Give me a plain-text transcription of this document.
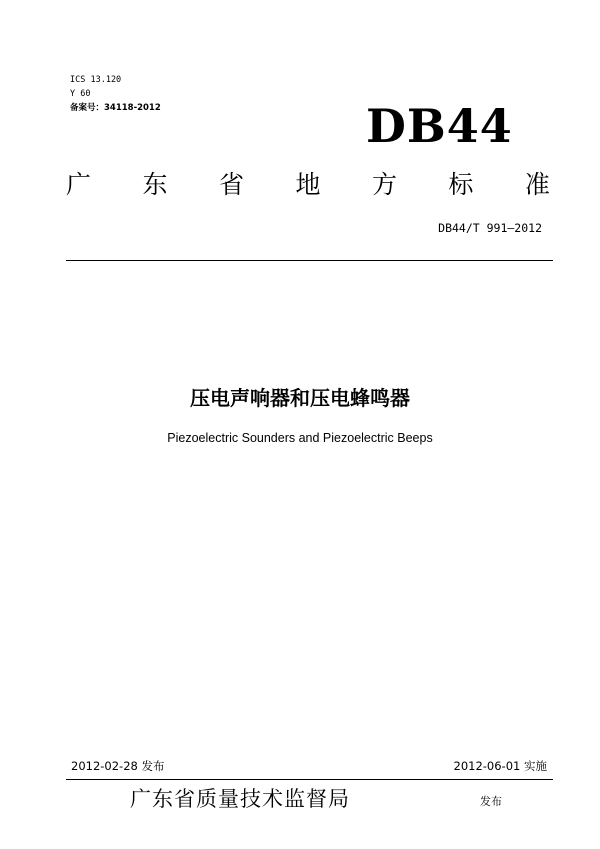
ICS 13.120
Y 60
备案号：34118-2012	DB44
广 东 省 地 方 标 准
DB44/T 991—2012
压电声响器和压电蜂鸣器
Piezoelectric Sounders and Piezoelectric Beeps
2012-02-28 发布	2012-06-01 实施
广东省质量技术监督局	发布
